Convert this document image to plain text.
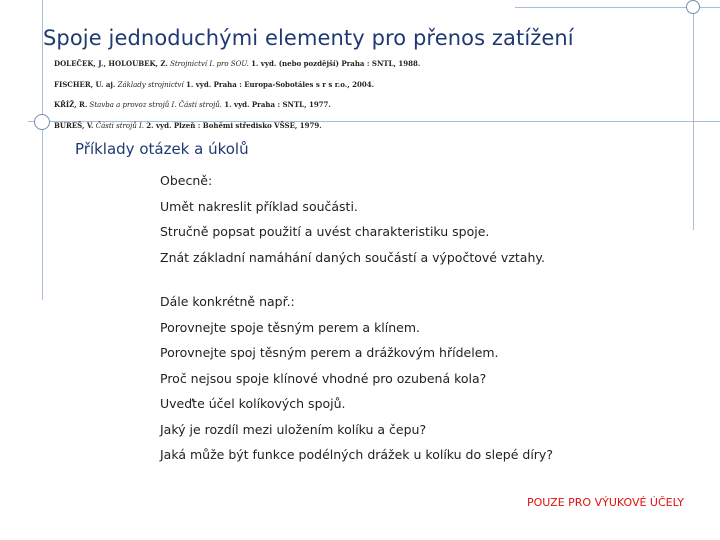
Spoje jednoduchými elementy pro přenos zatížení
DOLEČEK, J., HOLOUBEK, Z. Strojnictví I. pro SOU. 1. vyd. (nebo pozdější) Praha : SNTL, 1988.
FISCHER, U. aj. Základy strojnictví 1. vyd. Praha : Europa-Sobotáles s r s r.o., 2004.
KŘÍŽ, R. Stavba a provoz strojů I. Části strojů. 1. vyd. Praha : SNTL, 1977.
BUREŠ, V. Části strojů I. 2. vyd. Plzeň : Bohěmi středisko VŠSE, 1979.
Příklady otázek a úkolů
Obecně:
Umět nakreslit příklad součásti.
Stručně popsat použití a uvést charakteristiku spoje.
Znát základní namáhání daných součástí a výpočtové vztahy.
Dále konkrétně např.:
Porovnejte spoje těsným perem a klínem.
Porovnejte spoj těsným perem a drážkovým hřídelem.
Proč nejsou spoje klínové vhodné pro ozubená kola?
Uveďte účel kolíkových spojů.
Jaký je rozdíl mezi uložením kolíku a čepu?
Jaká může být funkce podélných drážek u kolíku do slepé díry?
POUZE PRO VÝUKOVÉ ÚČELY
